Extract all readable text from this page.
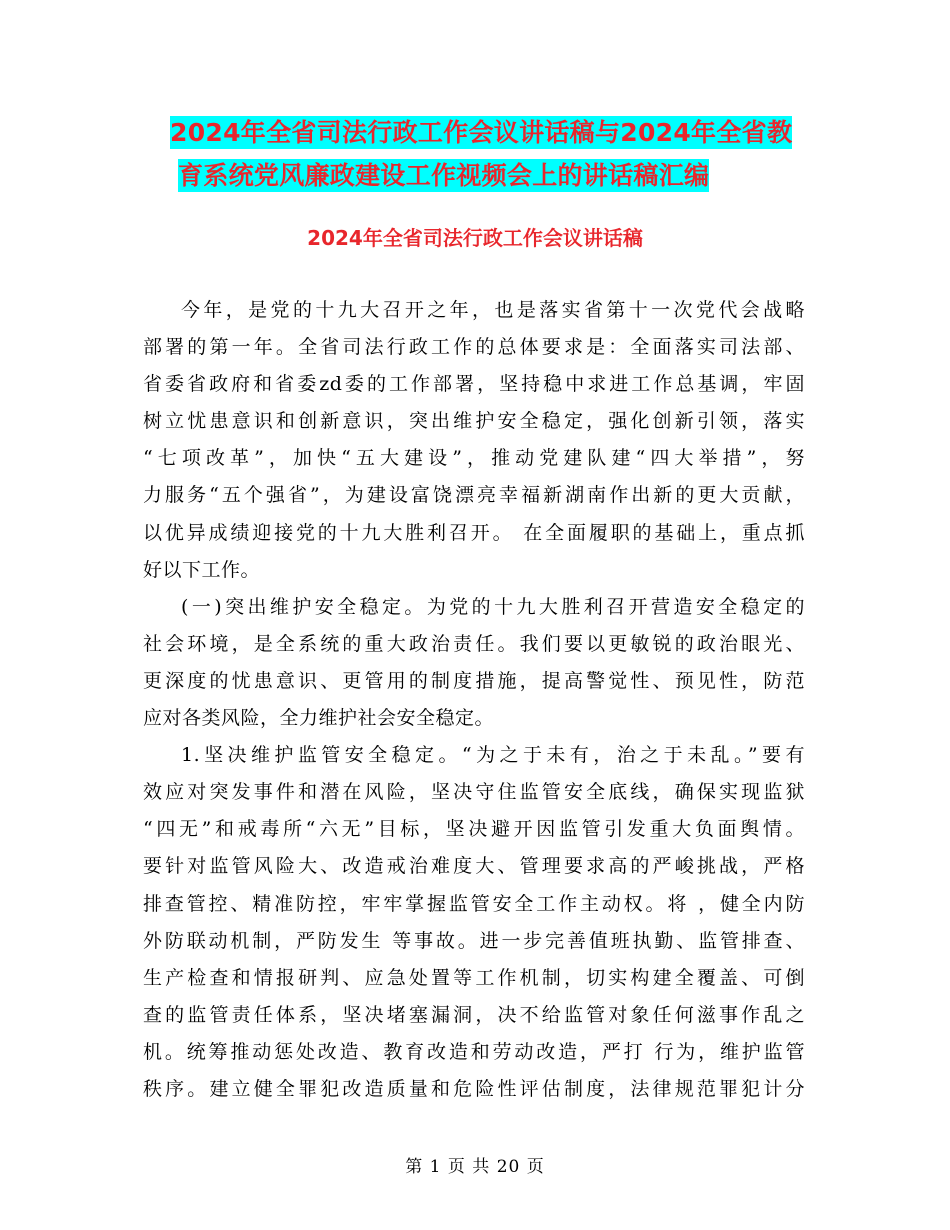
2024年全省司法行政工作会议讲话稿与2024年全省教
育系统党风廉政建设工作视频会上的讲话稿汇编
2024年全省司法行政工作会议讲话稿
今年，是党的十九大召开之年，也是落实省第十一次党代会战略
部署的第一年。全省司法行政工作的总体要求是：全面落实司法部、
省委省政府和省委zd委的工作部署，坚持稳中求进工作总基调，牢固
树立忧患意识和创新意识，突出维护安全稳定，强化创新引领，落实
“七项改革”，加快“五大建设”，推动党建队建“四大举措”，努
力服务“五个强省”，为建设富饶漂亮幸福新湖南作出新的更大贡献，
以优异成绩迎接党的十九大胜利召开。 在全面履职的基础上，重点抓
好以下工作。
(一)突出维护安全稳定。为党的十九大胜利召开营造安全稳定的
社会环境，是全系统的重大政治责任。我们要以更敏锐的政治眼光、
更深度的忧患意识、更管用的制度措施，提高警觉性、预见性，防范
应对各类风险，全力维护社会安全稳定。
1.坚决维护监管安全稳定。“为之于未有，治之于未乱。”要有
效应对突发事件和潜在风险，坚决守住监管安全底线，确保实现监狱
“四无”和戒毒所“六无”目标，坚决避开因监管引发重大负面舆情。
要针对监管风险大、改造戒治难度大、管理要求高的严峻挑战，严格
排查管控、精准防控，牢牢掌握监管安全工作主动权。将 ，健全内防
外防联动机制，严防发生 等事故。进一步完善值班执勤、监管排查、
生产检查和情报研判、应急处置等工作机制，切实构建全覆盖、可倒
查的监管责任体系，坚决堵塞漏洞，决不给监管对象任何滋事作乱之
机。统筹推动惩处改造、教育改造和劳动改造，严打 行为，维护监管
秩序。建立健全罪犯改造质量和危险性评估制度，法律规范罪犯计分
第 1 页 共 20 页
